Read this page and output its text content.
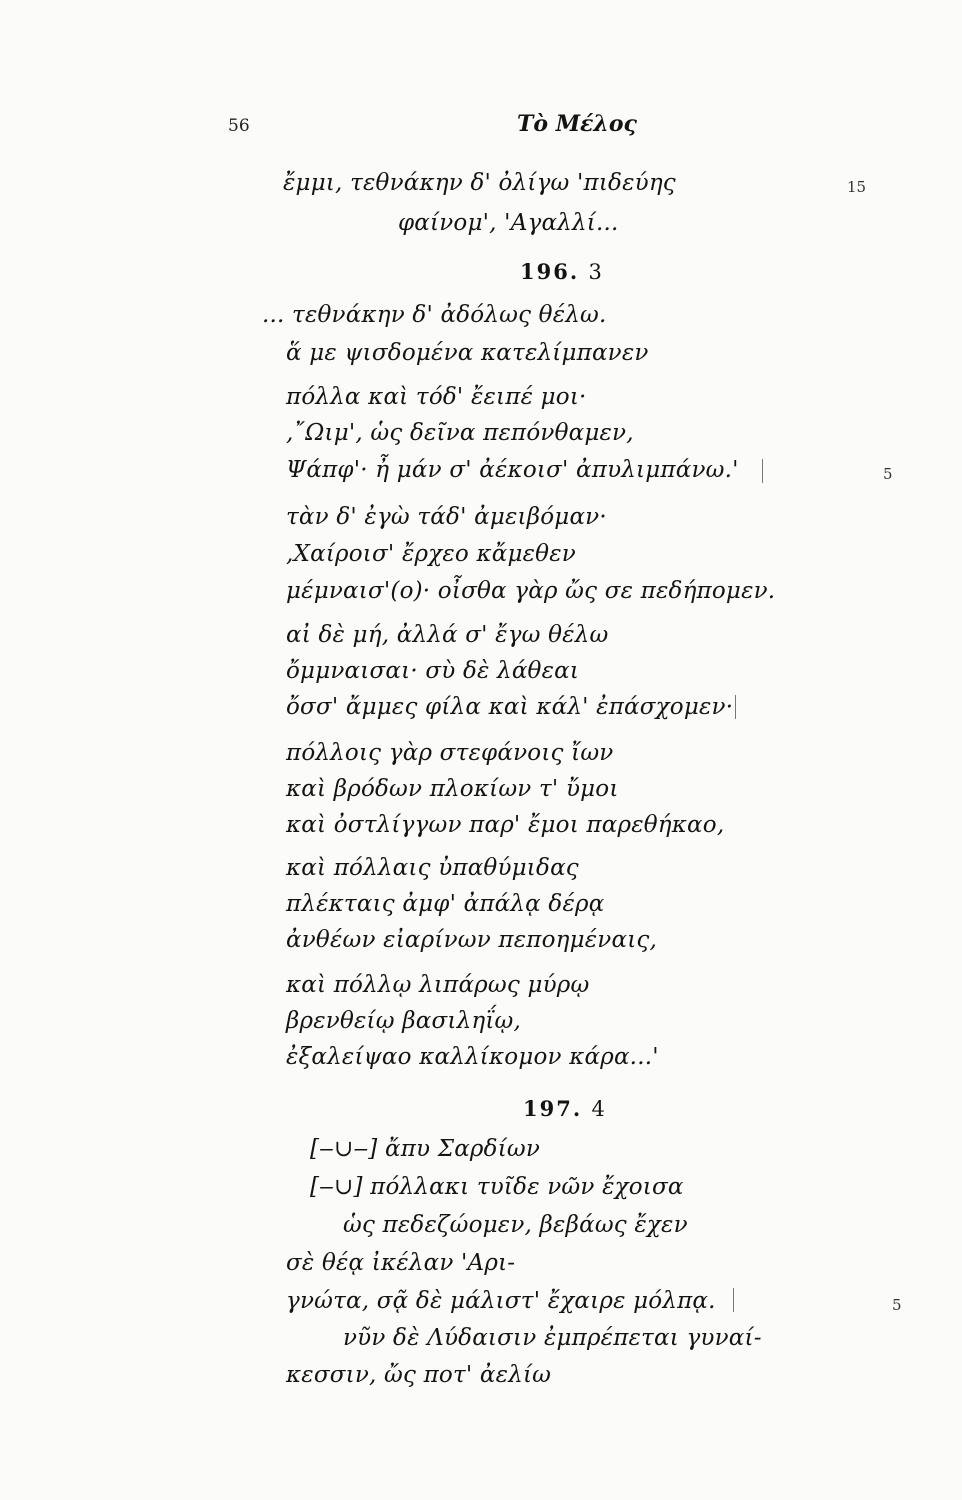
56	Τὸ Μέλος
ἔμμι, τεθνάκην δ' ὀλίγω 'πιδεύης	15
φαίνομ', 'Αγαλλί...
196. 3
... τεθνάκην δ' ἀδόλως θέλω.
ἅ με ψισδομένα κατελίμπανεν
πόλλα καὶ τόδ' ἔειπέ μοι·
,῎Ωιμ', ὡς δεῖνα πεπόνθαμεν,
Ψάπφ'· ἦ μάν σ' ἀέκοισ' ἀπυλιμπάνω.'	5
τὰν δ' ἐγὼ τάδ' ἀμειβόμαν·
,Χαίροισ' ἔρχεο κἄμεθεν
μέμναισ'(ο)· οἶσθα γὰρ ὤς σε πεδήπομεν.
αἰ δὲ μή, ἀλλά σ' ἔγω θέλω
ὄμμναισαι· σὺ δὲ λάθεαι
ὄσσ' ἄμμες φίλα καὶ κάλ' ἐπάσχομεν·
πόλλοις γὰρ στεφάνοις ἴων
καὶ βρόδων πλοκίων τ' ὔμοι
καὶ ὀστλίγγων παρ' ἔμοι παρεθήκαο,
καὶ πόλλαις ὐπαθύμιδας
πλέκταις ἀμφ' ἀπάλᾳ δέρᾳ
ἀνθέων εἰαρίνων πεποημέναις,
καὶ πόλλῳ λιπάρως μύρῳ
βρενθείῳ βασιληΐῳ,
ἐξαλείψαο καλλίκομον κάρα...'
197. 4
[‒∪‒] ἄπυ Σαρδίων
[‒∪] πόλλακι τυῖδε νῶν ἔχοισα
ὡς πεδεζώομεν, βεβάως ἔχεν
σὲ θέᾳ ἰκέλαν 'Αρι-
γνώτα, σᾷ δὲ μάλιστ' ἔχαιρε μόλπᾳ.	5
νῦν δὲ Λύδαισιν ἐμπρέπεται γυναί-
κεσσιν, ὤς ποτ' ἀελίω
